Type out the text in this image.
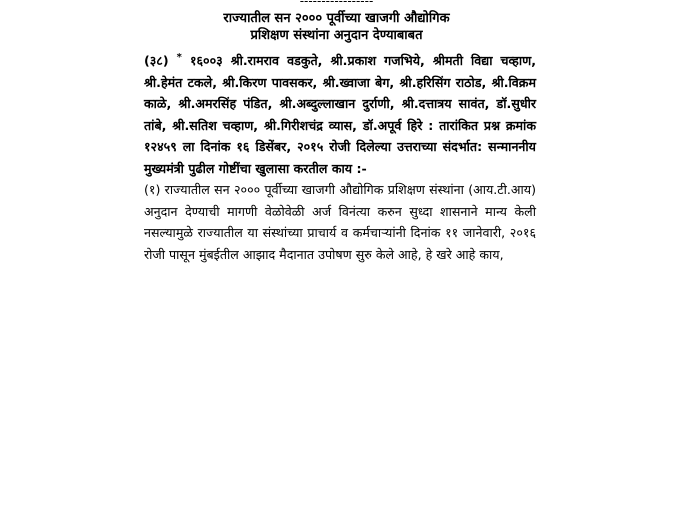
-----------------
राज्यातील सन २००० पूर्वीच्या खाजगी औद्योगिक
प्रशिक्षण संस्थांना अनुदान देण्याबाबत
(३८) * १६००३ श्री.रामराव वडकुते, श्री.प्रकाश गजभिये, श्रीमती विद्या चव्हाण, श्री.हेमंत टकले, श्री.किरण पावसकर, श्री.ख्वाजा बेग, श्री.हरिसिंग राठोड, श्री.विक्रम काळे, श्री.अमरसिंह पंडित, श्री.अब्दुल्लाखान दुर्राणी, श्री.दत्तात्रय सावंत, डॉ.सुधीर तांबे, श्री.सतिश चव्हाण, श्री.गिरीशचंद्र व्यास, डॉ.अपूर्व हिरे : तारांकित प्रश्न क्रमांक १२४५९ ला दिनांक १६ डिसेंबर, २०१५ रोजी दिलेल्या उत्तराच्या संदर्भात: सन्माननीय मुख्यमंत्री पुढील गोष्टींचा खुलासा करतील काय :-
(१) राज्यातील सन २००० पूर्वीच्या खाजगी औद्योगिक प्रशिक्षण संस्थांना (आय.टी.आय) अनुदान देण्याची मागणी वेळोवेळी अर्ज विनंत्या करुन सुध्दा शासनाने मान्य केली नसल्यामुळे राज्यातील या संस्थांच्या प्राचार्य व कर्मचाऱ्यांनी दिनांक ११ जानेवारी, २०१६ रोजी पासून मुंबईतील आझाद मैदानात उपोषण सुरु केले आहे, हे खरे आहे काय,
